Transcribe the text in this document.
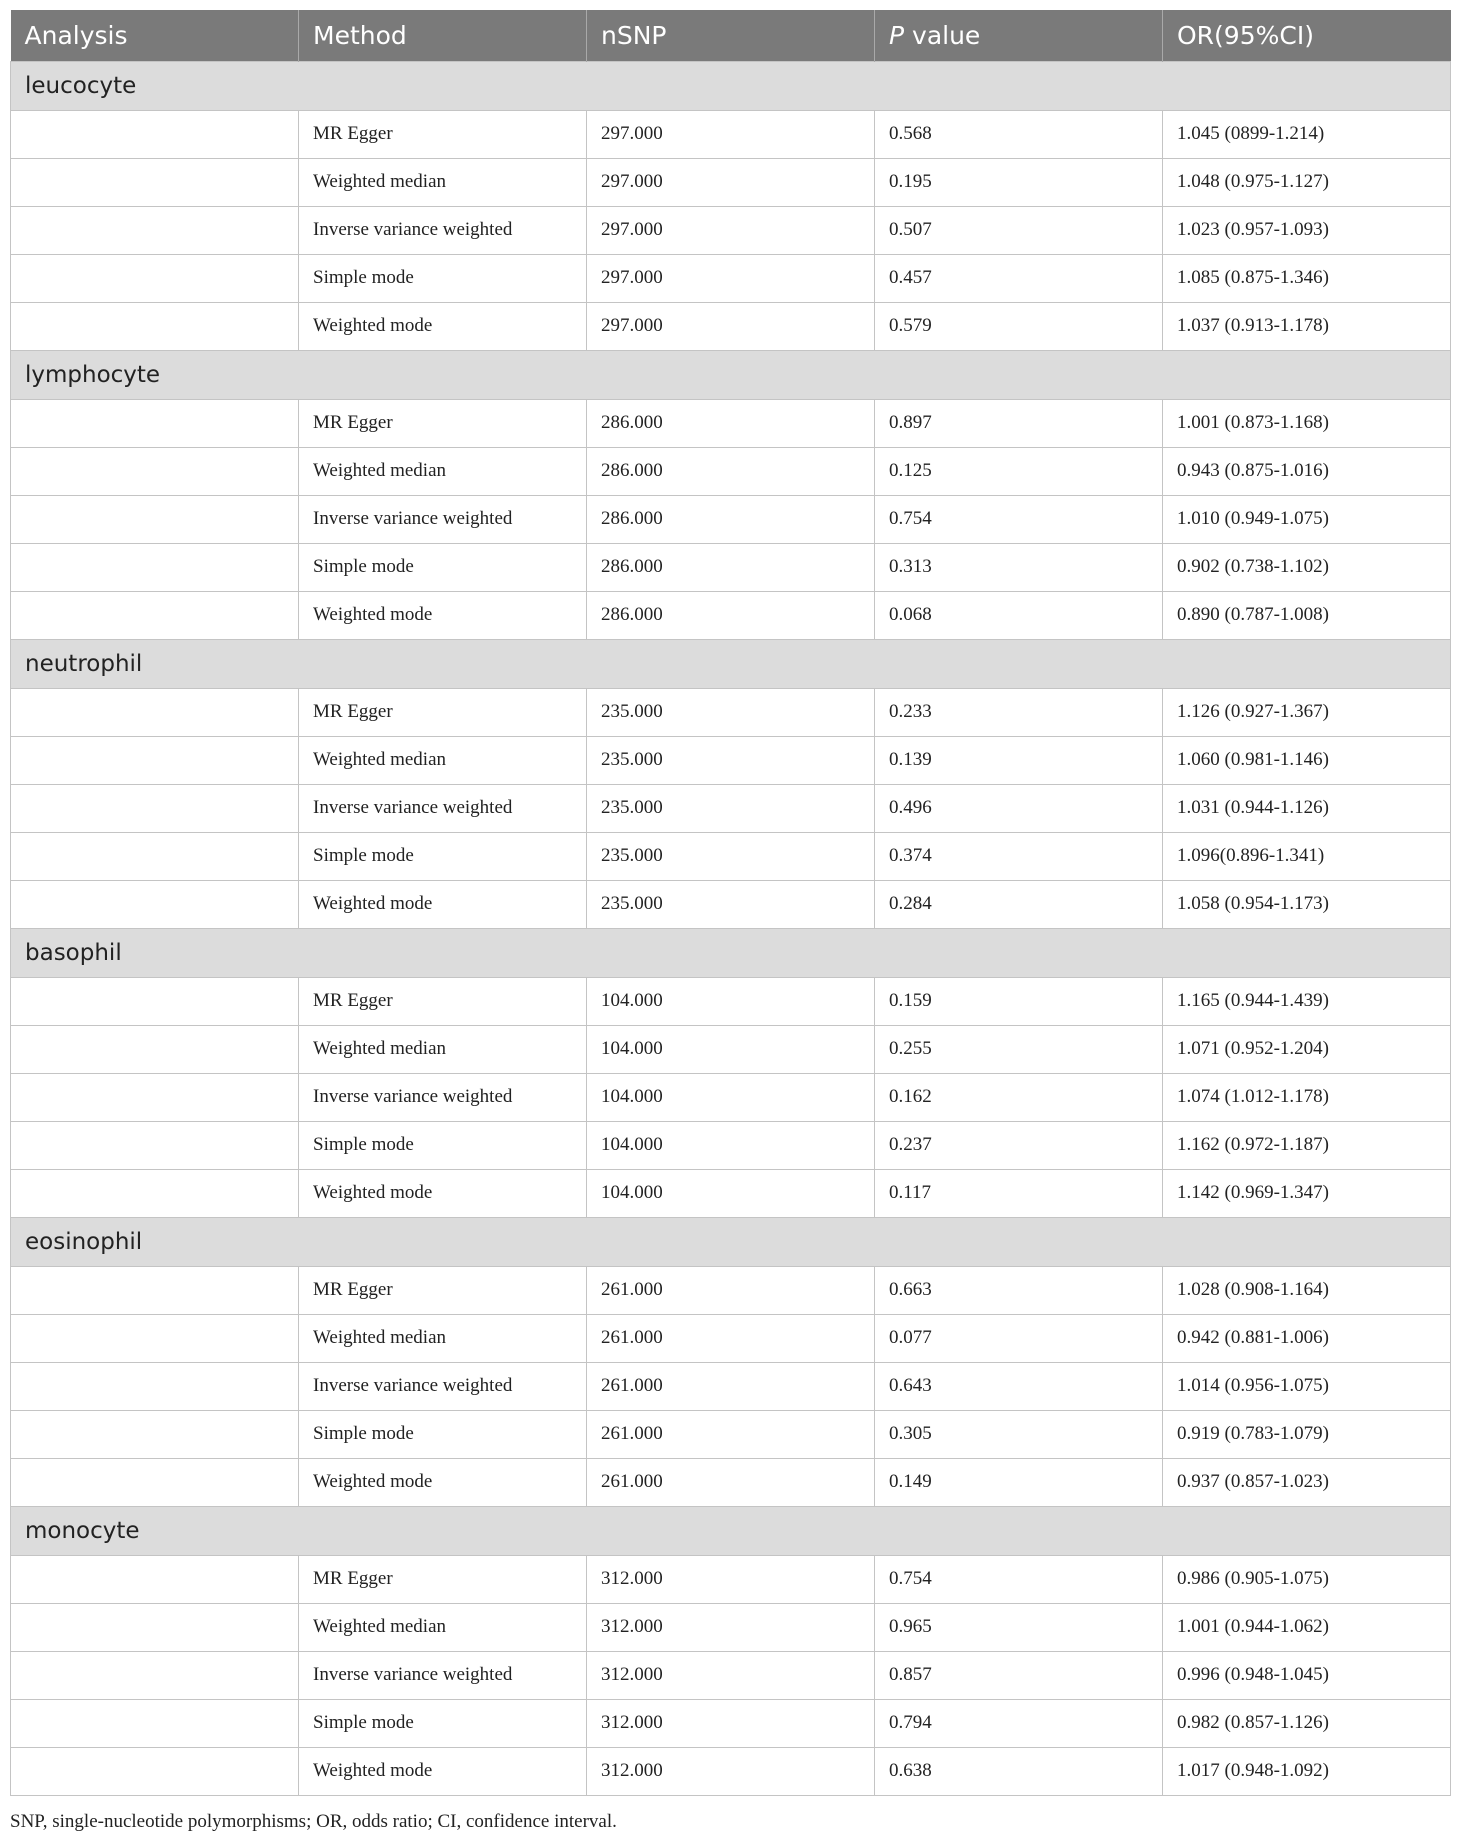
Analysis	Method	nSNP	P value	OR(95%CI)
leucocyte				
	MR Egger	297.000	0.568	1.045 (0899-1.214)
	Weighted median	297.000	0.195	1.048 (0.975-1.127)
	Inverse variance weighted	297.000	0.507	1.023 (0.957-1.093)
	Simple mode	297.000	0.457	1.085 (0.875-1.346)
	Weighted mode	297.000	0.579	1.037 (0.913-1.178)
lymphocyte				
	MR Egger	286.000	0.897	1.001 (0.873-1.168)
	Weighted median	286.000	0.125	0.943 (0.875-1.016)
	Inverse variance weighted	286.000	0.754	1.010 (0.949-1.075)
	Simple mode	286.000	0.313	0.902 (0.738-1.102)
	Weighted mode	286.000	0.068	0.890 (0.787-1.008)
neutrophil				
	MR Egger	235.000	0.233	1.126 (0.927-1.367)
	Weighted median	235.000	0.139	1.060 (0.981-1.146)
	Inverse variance weighted	235.000	0.496	1.031 (0.944-1.126)
	Simple mode	235.000	0.374	1.096(0.896-1.341)
	Weighted mode	235.000	0.284	1.058 (0.954-1.173)
basophil				
	MR Egger	104.000	0.159	1.165 (0.944-1.439)
	Weighted median	104.000	0.255	1.071 (0.952-1.204)
	Inverse variance weighted	104.000	0.162	1.074 (1.012-1.178)
	Simple mode	104.000	0.237	1.162 (0.972-1.187)
	Weighted mode	104.000	0.117	1.142 (0.969-1.347)
eosinophil				
	MR Egger	261.000	0.663	1.028 (0.908-1.164)
	Weighted median	261.000	0.077	0.942 (0.881-1.006)
	Inverse variance weighted	261.000	0.643	1.014 (0.956-1.075)
	Simple mode	261.000	0.305	0.919 (0.783-1.079)
	Weighted mode	261.000	0.149	0.937 (0.857-1.023)
monocyte				
	MR Egger	312.000	0.754	0.986 (0.905-1.075)
	Weighted median	312.000	0.965	1.001 (0.944-1.062)
	Inverse variance weighted	312.000	0.857	0.996 (0.948-1.045)
	Simple mode	312.000	0.794	0.982 (0.857-1.126)
	Weighted mode	312.000	0.638	1.017 (0.948-1.092)
SNP, single-nucleotide polymorphisms; OR, odds ratio; CI, confidence interval.
